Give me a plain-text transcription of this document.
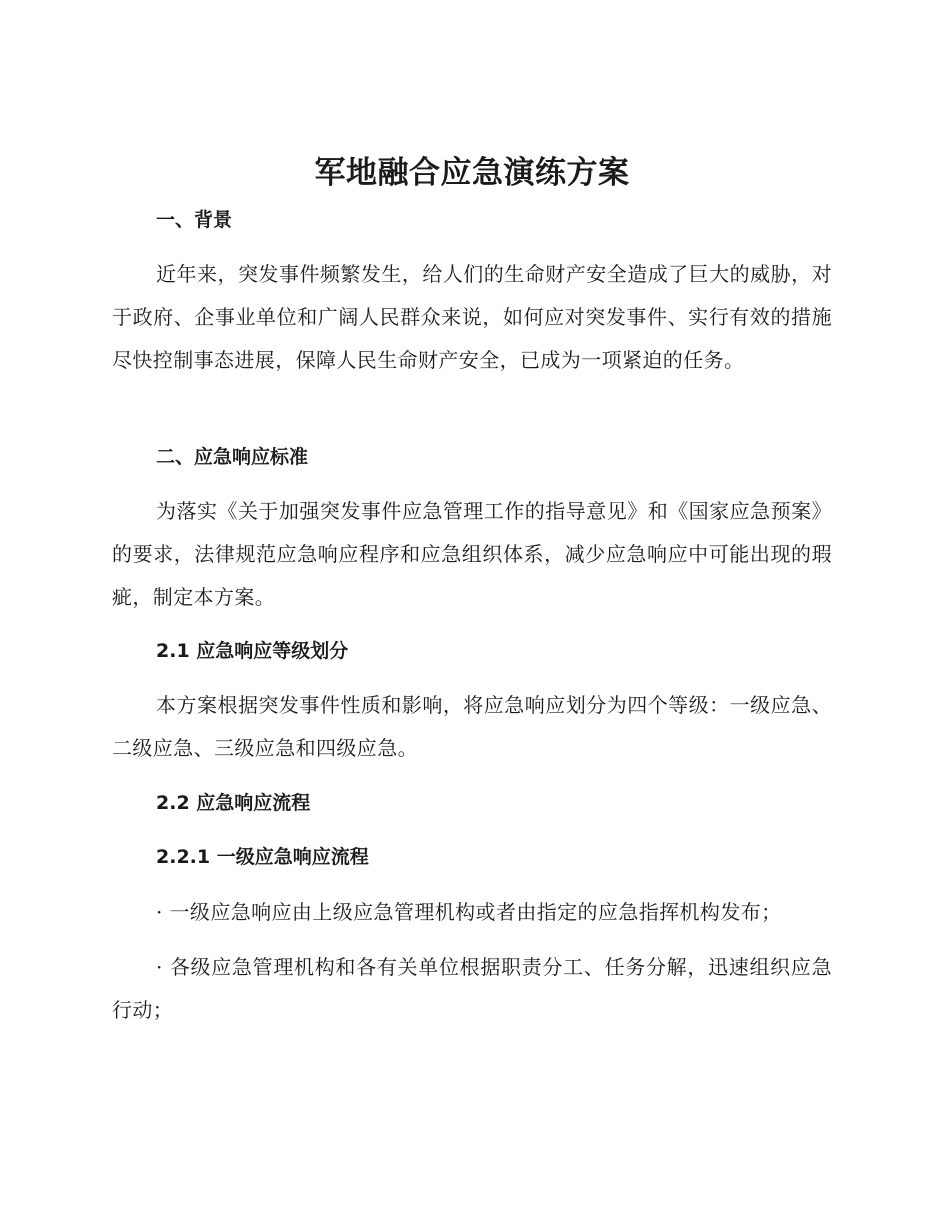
军地融合应急演练方案
一、背景
近年来，突发事件频繁发生，给人们的生命财产安全造成了巨大的威胁，对于政府、企事业单位和广阔人民群众来说，如何应对突发事件、实行有效的措施尽快控制事态进展，保障人民生命财产安全，已成为一项紧迫的任务。
二、应急响应标准
为落实《关于加强突发事件应急管理工作的指导意见》和《国家应急预案》的要求，法律规范应急响应程序和应急组织体系，减少应急响应中可能出现的瑕疵，制定本方案。
2.1 应急响应等级划分
本方案根据突发事件性质和影响，将应急响应划分为四个等级：一级应急、二级应急、三级应急和四级应急。
2.2 应急响应流程
2.2.1 一级应急响应流程
· 一级应急响应由上级应急管理机构或者由指定的应急指挥机构发布；
· 各级应急管理机构和各有关单位根据职责分工、任务分解，迅速组织应急行动；
